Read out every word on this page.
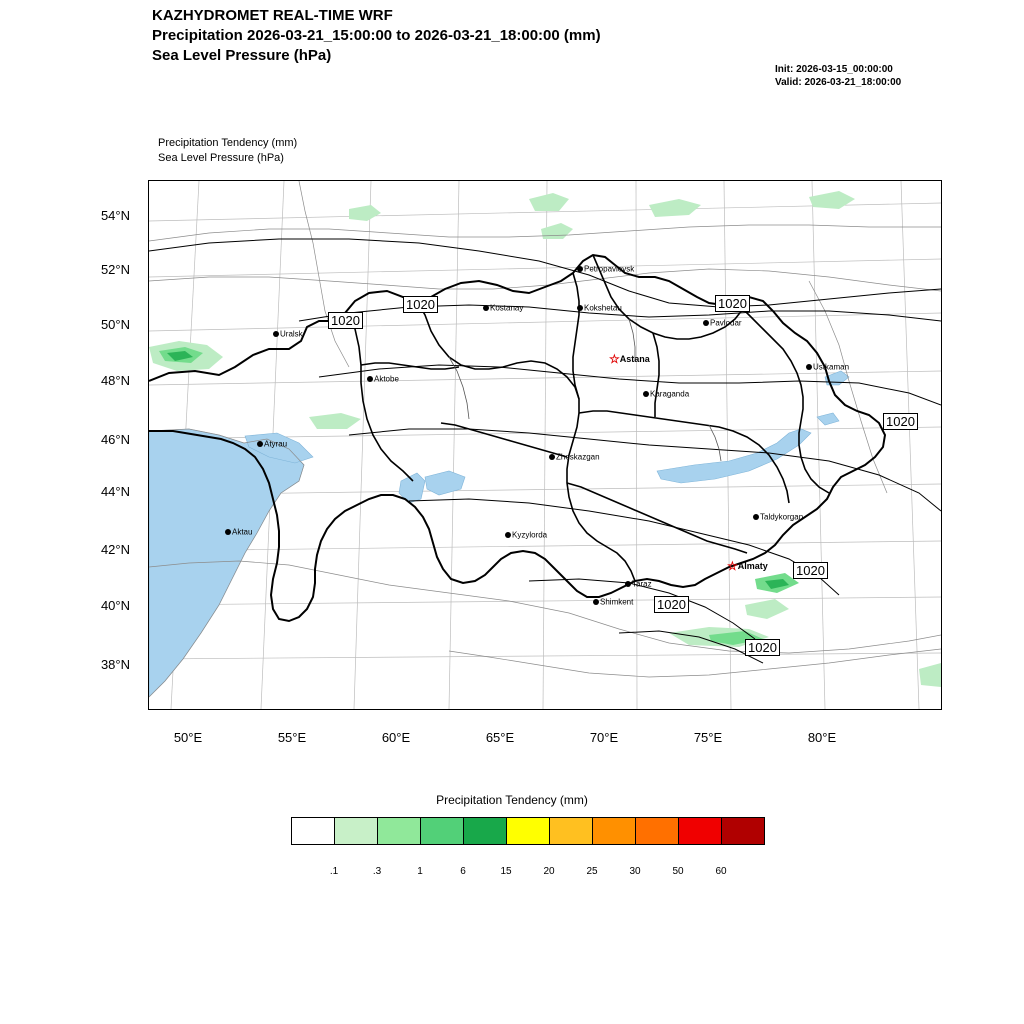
KAZHYDROMET REAL-TIME WRF
Precipitation 2026-03-21_15:00:00 to 2026-03-21_18:00:00 (mm)
Sea Level Pressure (hPa)
Init: 2026-03-15_00:00:00
Valid: 2026-03-21_18:00:00
Precipitation Tendency (mm)
Sea Level Pressure (hPa)
Uralsk
Petropavlovsk
Kostanay	Kokshetau
Pavlodar
Aktobe
Ustkaman
Karaganda
Atyrau
Zheskazgan
Taldykorgan
Aktau	Kyzylorda
Taraz
Shimkent
☆Astana
☆Almaty
1020
1020	1020
1020
1020
1020
1020
Precipitation Tendency (mm)
.1	.3	1	6	15	20	25	30	50	60
54°N
52°N
50°N
48°N
46°N
44°N
42°N
40°N
38°N
50°E	55°E	60°E	65°E	70°E	75°E	80°E
